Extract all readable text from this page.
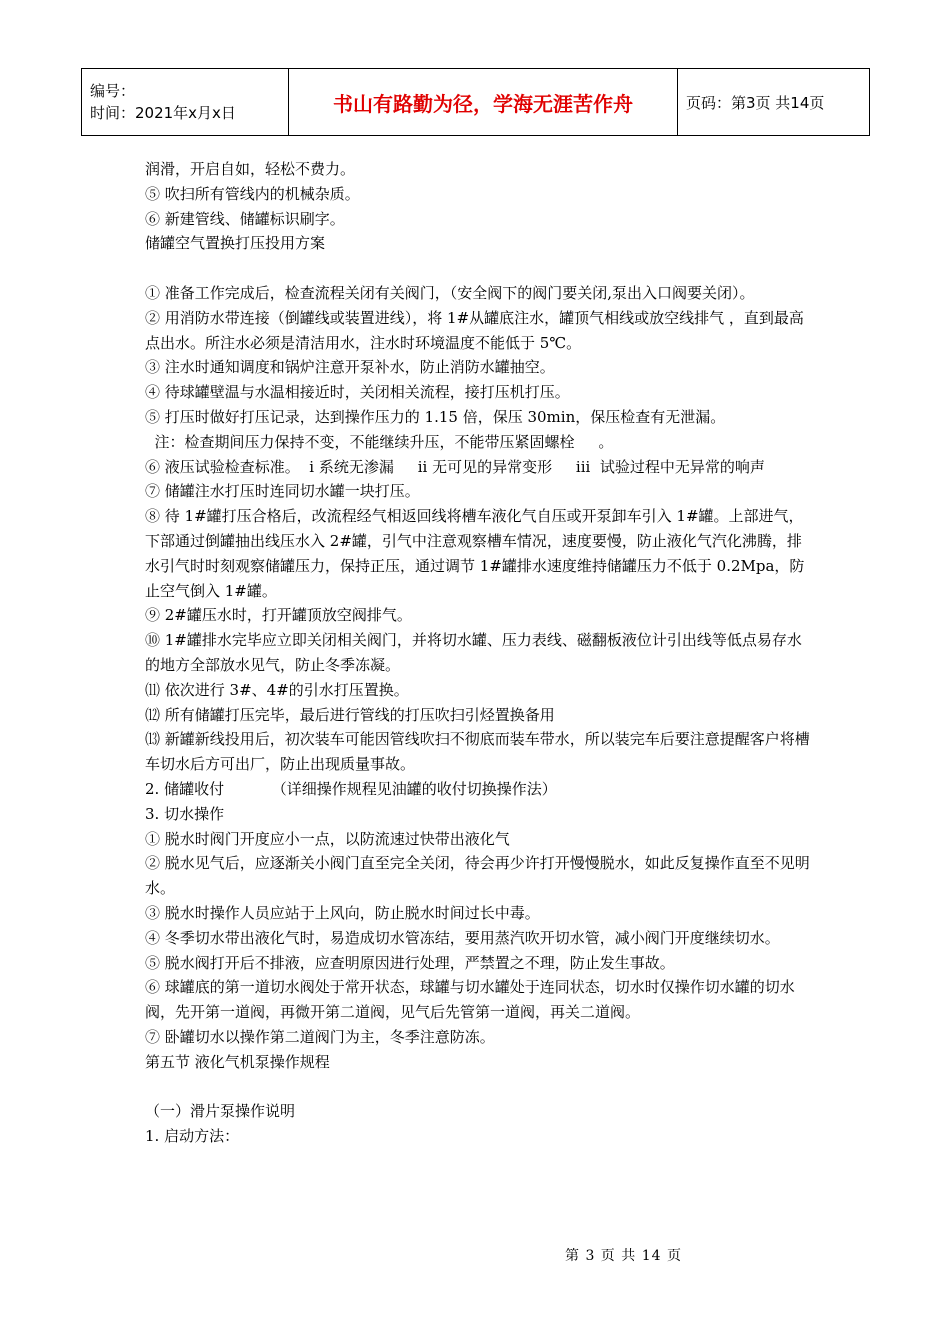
编号：
时间：2021年x月x日	书山有路勤为径，学海无涯苦作舟	页码：第3页 共14页

润滑，开启自如，轻松不费力。

⑤ 吹扫所有管线内的机械杂质。

⑥ 新建管线、储罐标识刷字。

储罐空气置换打压投用方案

① 准备工作完成后，检查流程关闭有关阀门，（安全阀下的阀门要关闭,泵出入口阀要关闭）。

② 用消防水带连接（倒罐线或装置进线），将 1#从罐底注水，罐顶气相线或放空线排气 ，直到最高点出水。所注水必须是清洁用水，注水时环境温度不能低于 5℃。

③ 注水时通知调度和锅炉注意开泵补水，防止消防水罐抽空。

④ 待球罐壁温与水温相接近时，关闭相关流程，接打压机打压。

⑤ 打压时做好打压记录，达到操作压力的 1.15 倍，保压 30min，保压检查有无泄漏。

注：检查期间压力保持不变，不能继续升压，不能带压紧固螺栓     。

⑥ 液压试验检查标准。  i 系统无渗漏     ii 无可见的异常变形     iii  试验过程中无异常的响声

⑦ 储罐注水打压时连同切水罐一块打压。

⑧ 待 1#罐打压合格后，改流程经气相返回线将槽车液化气自压或开泵卸车引入 1#罐。上部进气，下部通过倒罐抽出线压水入 2#罐，引气中注意观察槽车情况，速度要慢，防止液化气汽化沸腾，排水引气时时刻观察储罐压力，保持正压，通过调节 1#罐排水速度维持储罐压力不低于 0.2Mpa，防止空气倒入 1#罐。

⑨ 2#罐压水时，打开罐顶放空阀排气。

⑩ 1#罐排水完毕应立即关闭相关阀门，并将切水罐、压力表线、磁翻板液位计引出线等低点易存水的地方全部放水见气，防止冬季冻凝。

⑾ 依次进行 3#、4#的引水打压置换。

⑿ 所有储罐打压完毕，最后进行管线的打压吹扫引烃置换备用

⒀ 新罐新线投用后，初次装车可能因管线吹扫不彻底而装车带水，所以装完车后要注意提醒客户将槽车切水后方可出厂，防止出现质量事故。

2. 储罐收付          （详细操作规程见油罐的收付切换操作法）

3. 切水操作

① 脱水时阀门开度应小一点，以防流速过快带出液化气

② 脱水见气后，应逐渐关小阀门直至完全关闭，待会再少许打开慢慢脱水，如此反复操作直至不见明水。

③ 脱水时操作人员应站于上风向，防止脱水时间过长中毒。

④ 冬季切水带出液化气时，易造成切水管冻结，要用蒸汽吹开切水管，减小阀门开度继续切水。

⑤ 脱水阀打开后不排液，应查明原因进行处理，严禁置之不理，防止发生事故。

⑥ 球罐底的第一道切水阀处于常开状态，球罐与切水罐处于连同状态，切水时仅操作切水罐的切水阀，先开第一道阀，再微开第二道阀，见气后先管第一道阀，再关二道阀。

⑦ 卧罐切水以操作第二道阀门为主，冬季注意防冻。

第五节 液化气机泵操作规程

（一）滑片泵操作说明

1. 启动方法：

第 3 页 共 14 页
